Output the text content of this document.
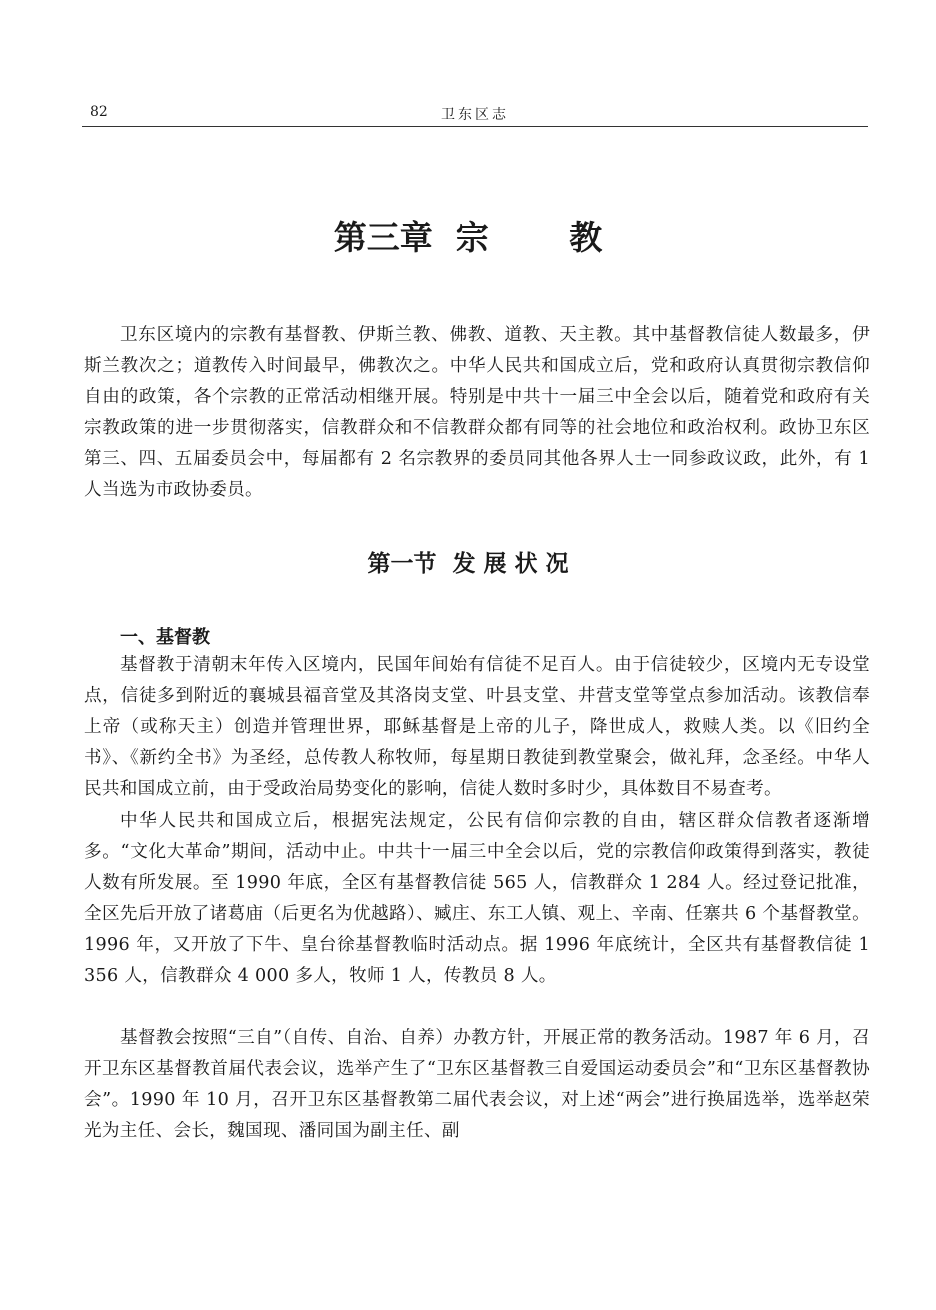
82	卫东区志
第三章  宗       教

卫东区境内的宗教有基督教、伊斯兰教、佛教、道教、天主教。其中基督教信徒人数最多，伊斯兰教次之；道教传入时间最早，佛教次之。中华人民共和国成立后，党和政府认真贯彻宗教信仰自由的政策，各个宗教的正常活动相继开展。特别是中共十一届三中全会以后，随着党和政府有关宗教政策的进一步贯彻落实，信教群众和不信教群众都有同等的社会地位和政治权利。政协卫东区第三、四、五届委员会中，每届都有 2 名宗教界的委员同其他各界人士一同参政议政，此外，有 1 人当选为市政协委员。

第一节  发 展 状 况
一、基督教

基督教于清朝末年传入区境内，民国年间始有信徒不足百人。由于信徒较少，区境内无专设堂点，信徒多到附近的襄城县福音堂及其洛岗支堂、叶县支堂、井营支堂等堂点参加活动。该教信奉上帝（或称天主）创造并管理世界，耶稣基督是上帝的儿子，降世成人，救赎人类。以《旧约全书》、《新约全书》为圣经，总传教人称牧师，每星期日教徒到教堂聚会，做礼拜，念圣经。中华人民共和国成立前，由于受政治局势变化的影响，信徒人数时多时少，具体数目不易查考。

中华人民共和国成立后，根据宪法规定，公民有信仰宗教的自由，辖区群众信教者逐渐增多。“文化大革命”期间，活动中止。中共十一届三中全会以后，党的宗教信仰政策得到落实，教徒人数有所发展。至 1990 年底，全区有基督教信徒 565 人，信教群众 1 284 人。经过登记批准，全区先后开放了诸葛庙（后更名为优越路）、臧庄、东工人镇、观上、辛南、任寨共 6 个基督教堂。1996 年，又开放了下牛、皇台徐基督教临时活动点。据 1996 年底统计，全区共有基督教信徒 1 356 人，信教群众 4 000 多人，牧师 1 人，传教员 8 人。

基督教会按照“三自”（自传、自治、自养）办教方针，开展正常的教务活动。1987 年 6 月，召开卫东区基督教首届代表会议，选举产生了“卫东区基督教三自爱国运动委员会”和“卫东区基督教协会”。1990 年 10 月，召开卫东区基督教第二届代表会议，对上述“两会”进行换届选举，选举赵荣光为主任、会长，魏国现、潘同国为副主任、副
